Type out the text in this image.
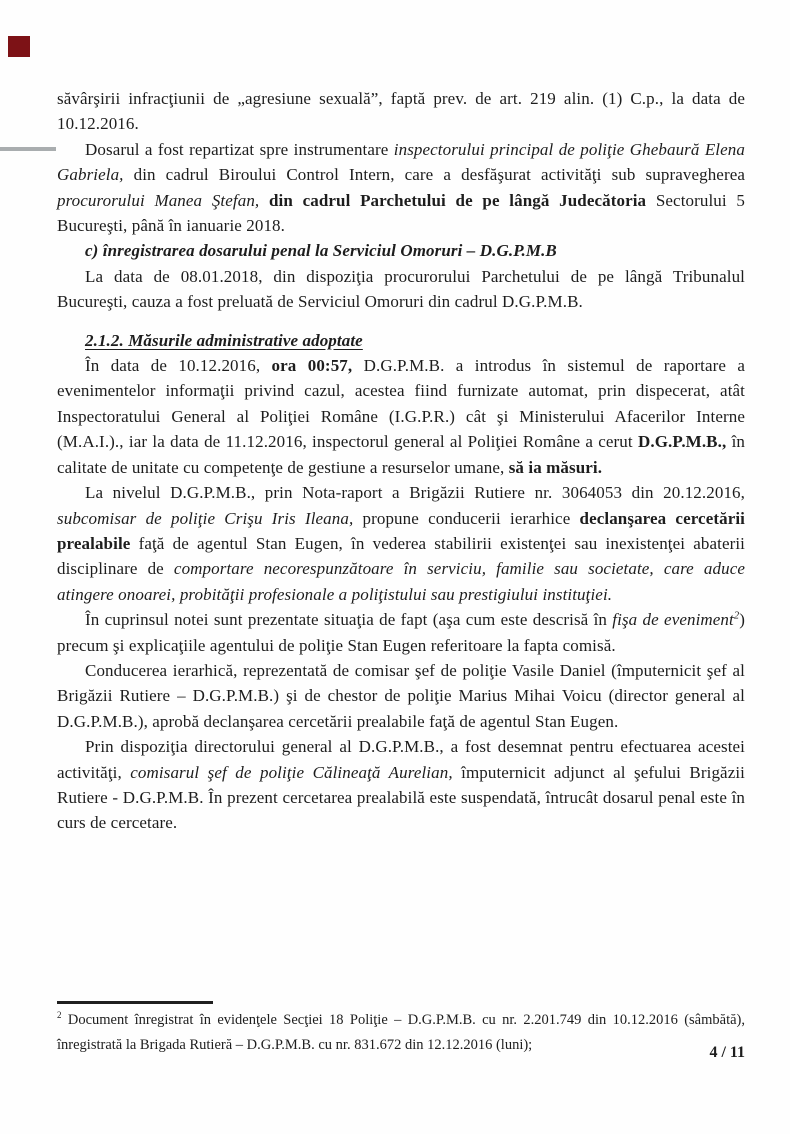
săvârşirii infracţiunii de „agresiune sexuală”, faptă prev. de art. 219 alin. (1) C.p., la data de 10.12.2016.

Dosarul a fost repartizat spre instrumentare inspectorului principal de poliţie Ghebaură Elena Gabriela, din cadrul Biroului Control Intern, care a desfăşurat activităţi sub supravegherea procurorului Manea Ştefan, din cadrul Parchetului de pe lângă Judecătoria Sectorului 5 Bucureşti, până în ianuarie 2018.

c) înregistrarea dosarului penal la Serviciul Omoruri – D.G.P.M.B

La data de 08.01.2018, din dispoziţia procurorului Parchetului de pe lângă Tribunalul Bucureşti, cauza a fost preluată de Serviciul Omoruri din cadrul D.G.P.M.B.

2.1.2. Măsurile administrative adoptate

În data de 10.12.2016, ora 00:57, D.G.P.M.B. a introdus în sistemul de raportare a evenimentelor informaţii privind cazul, acestea fiind furnizate automat, prin dispecerat, atât Inspectoratului General al Poliţiei Române (I.G.P.R.) cât şi Ministerului Afacerilor Interne (M.A.I.)., iar la data de 11.12.2016, inspectorul general al Poliţiei Române a cerut D.G.P.M.B., în calitate de unitate cu competenţe de gestiune a resurselor umane, să ia măsuri.

La nivelul D.G.P.M.B., prin Nota-raport a Brigăzii Rutiere nr. 3064053 din 20.12.2016, subcomisar de poliţie Crişu Iris Ileana, propune conducerii ierarhice declanşarea cercetării prealabile faţă de agentul Stan Eugen, în vederea stabilirii existenţei sau inexistenţei abaterii disciplinare de comportare necorespunzătoare în serviciu, familie sau societate, care aduce atingere onoarei, probităţii profesionale a poliţistului sau prestigiului instituţiei.

În cuprinsul notei sunt prezentate situaţia de fapt (aşa cum este descrisă în fişa de eveniment$^2$) precum şi explicaţiile agentului de poliţie Stan Eugen referitoare la fapta comisă.

Conducerea ierarhică, reprezentată de comisar şef de poliţie Vasile Daniel (împuternicit şef al Brigăzii Rutiere – D.G.P.M.B.) şi de chestor de poliţie Marius Mihai Voicu (director general al D.G.P.M.B.), aprobă declanşarea cercetării prealabile faţă de agentul Stan Eugen.

Prin dispoziţia directorului general al D.G.P.M.B., a fost desemnat pentru efectuarea acestei activităţi, comisarul şef de poliţie Călineaţă Aurelian, împuternicit adjunct al şefului Brigăzii Rutiere - D.G.P.M.B. În prezent cercetarea prealabilă este suspendată, întrucât dosarul penal este în curs de cercetare.

$^2$ Document înregistrat în evidenţele Secţiei 18 Poliţie – D.G.P.M.B. cu nr. 2.201.749 din 10.12.2016 (sâmbătă), înregistrată la Brigada Rutieră – D.G.P.M.B. cu nr. 831.672 din 12.12.2016 (luni);	4 / 11
